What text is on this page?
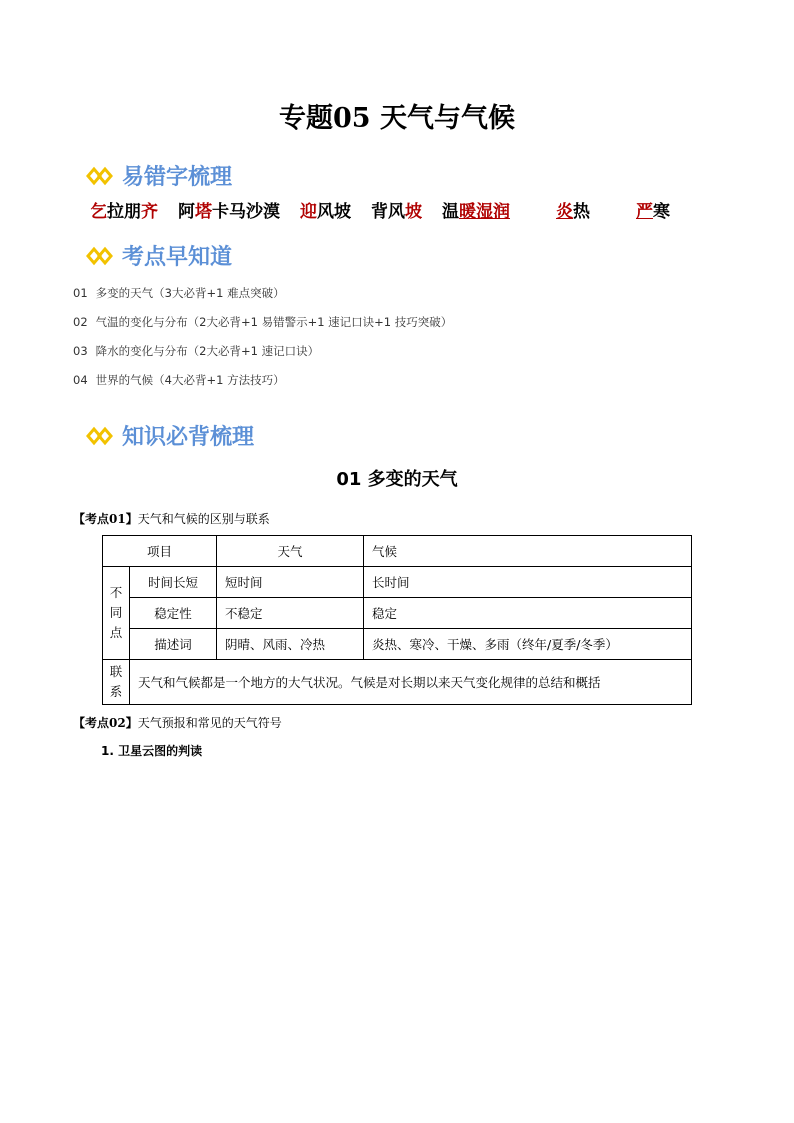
专题05 天气与气候
易错字梳理
乞拉朋齐 阿塔卡马沙漠 迎风坡 背风坡 温暖湿润	炎热	严寒
考点早知道
01 多变的天气（3大必背+1 难点突破）
02 气温的变化与分布（2大必背+1 易错警示+1 速记口诀+1 技巧突破）
03 降水的变化与分布（2大必背+1 速记口诀）
04 世界的气候（4大必背+1 方法技巧）
知识必背梳理
01 多变的天气
【考点01】天气和气候的区别与联系
项目		天气	气候
不
同
点	时间长短	短时间	长时间
	稳定性	不稳定	稳定
	描述词	阴晴、风雨、冷热	炎热、寒冷、干燥、多雨（终年/夏季/冬季）
联
系	天气和气候都是一个地方的大气状况。气候是对长期以来天气变化规律的总结和概括		
【考点02】天气预报和常见的天气符号
1. 卫星云图的判读
